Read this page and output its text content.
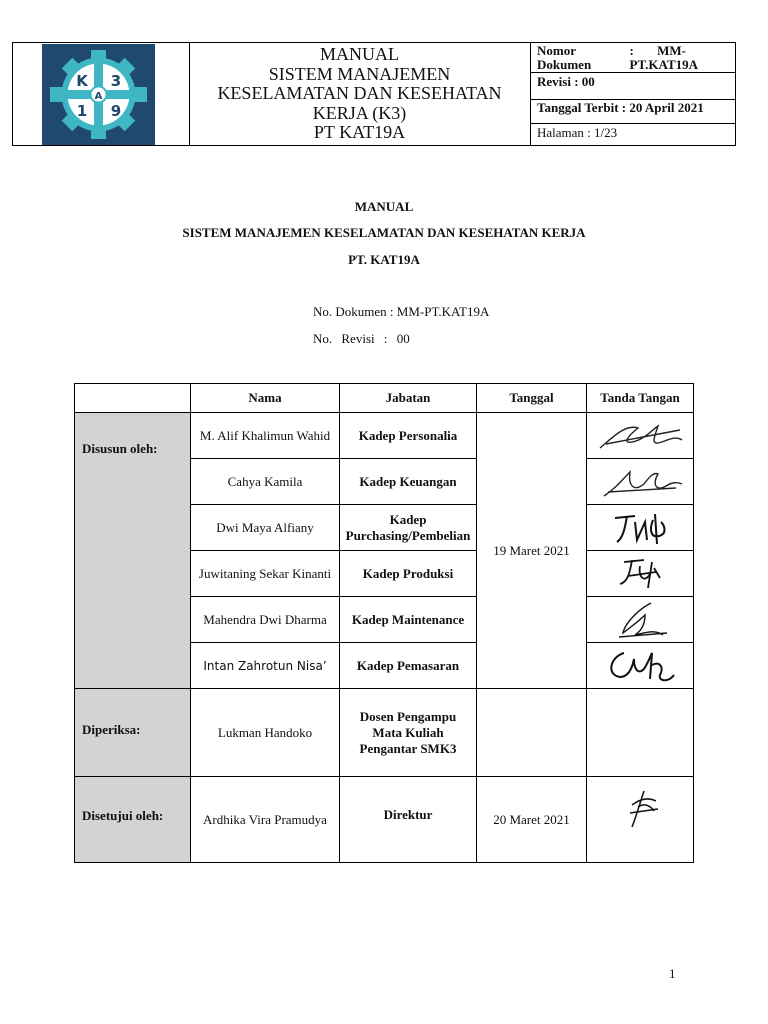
K 3
A
1 9
MANUAL
SISTEM MANAJEMEN
KESELAMATAN DAN KESEHATAN
KERJA (K3)
PT KAT19A
Nomor Dokumen
: MM-PT.KAT19A
Revisi : 00
Tanggal Terbit : 20 April 2021
Halaman : 1/23
MANUAL
SISTEM MANAJEMEN KESELAMATAN DAN KESEHATAN KERJA
PT. KAT19A
No. Dokumen : MM-PT.KAT19A
No. Revisi : 00
	Nama	Jabatan	Tanggal	Tanda Tangan
Disusun oleh:	M. Alif Khalimun Wahid	Kadep Personalia	19 Maret 2021	

	Cahya Kamila	Kadep Keuangan	

	Dwi Maya Alfiany	Kadep Purchasing/Pembelian	

	Juwitaning Sekar Kinanti	Kadep Produksi	

	Mahendra Dwi Dharma	Kadep Maintenance	

	Intan Zahrotun Nisa’	Kadep Pemasaran	

Diperiksa:	Lukman Handoko	Dosen Pengampu Mata Kuliah Pengantar SMK3		
Disetujui oleh:	Ardhika Vira Pramudya	Direktur	20 Maret 2021	
1
